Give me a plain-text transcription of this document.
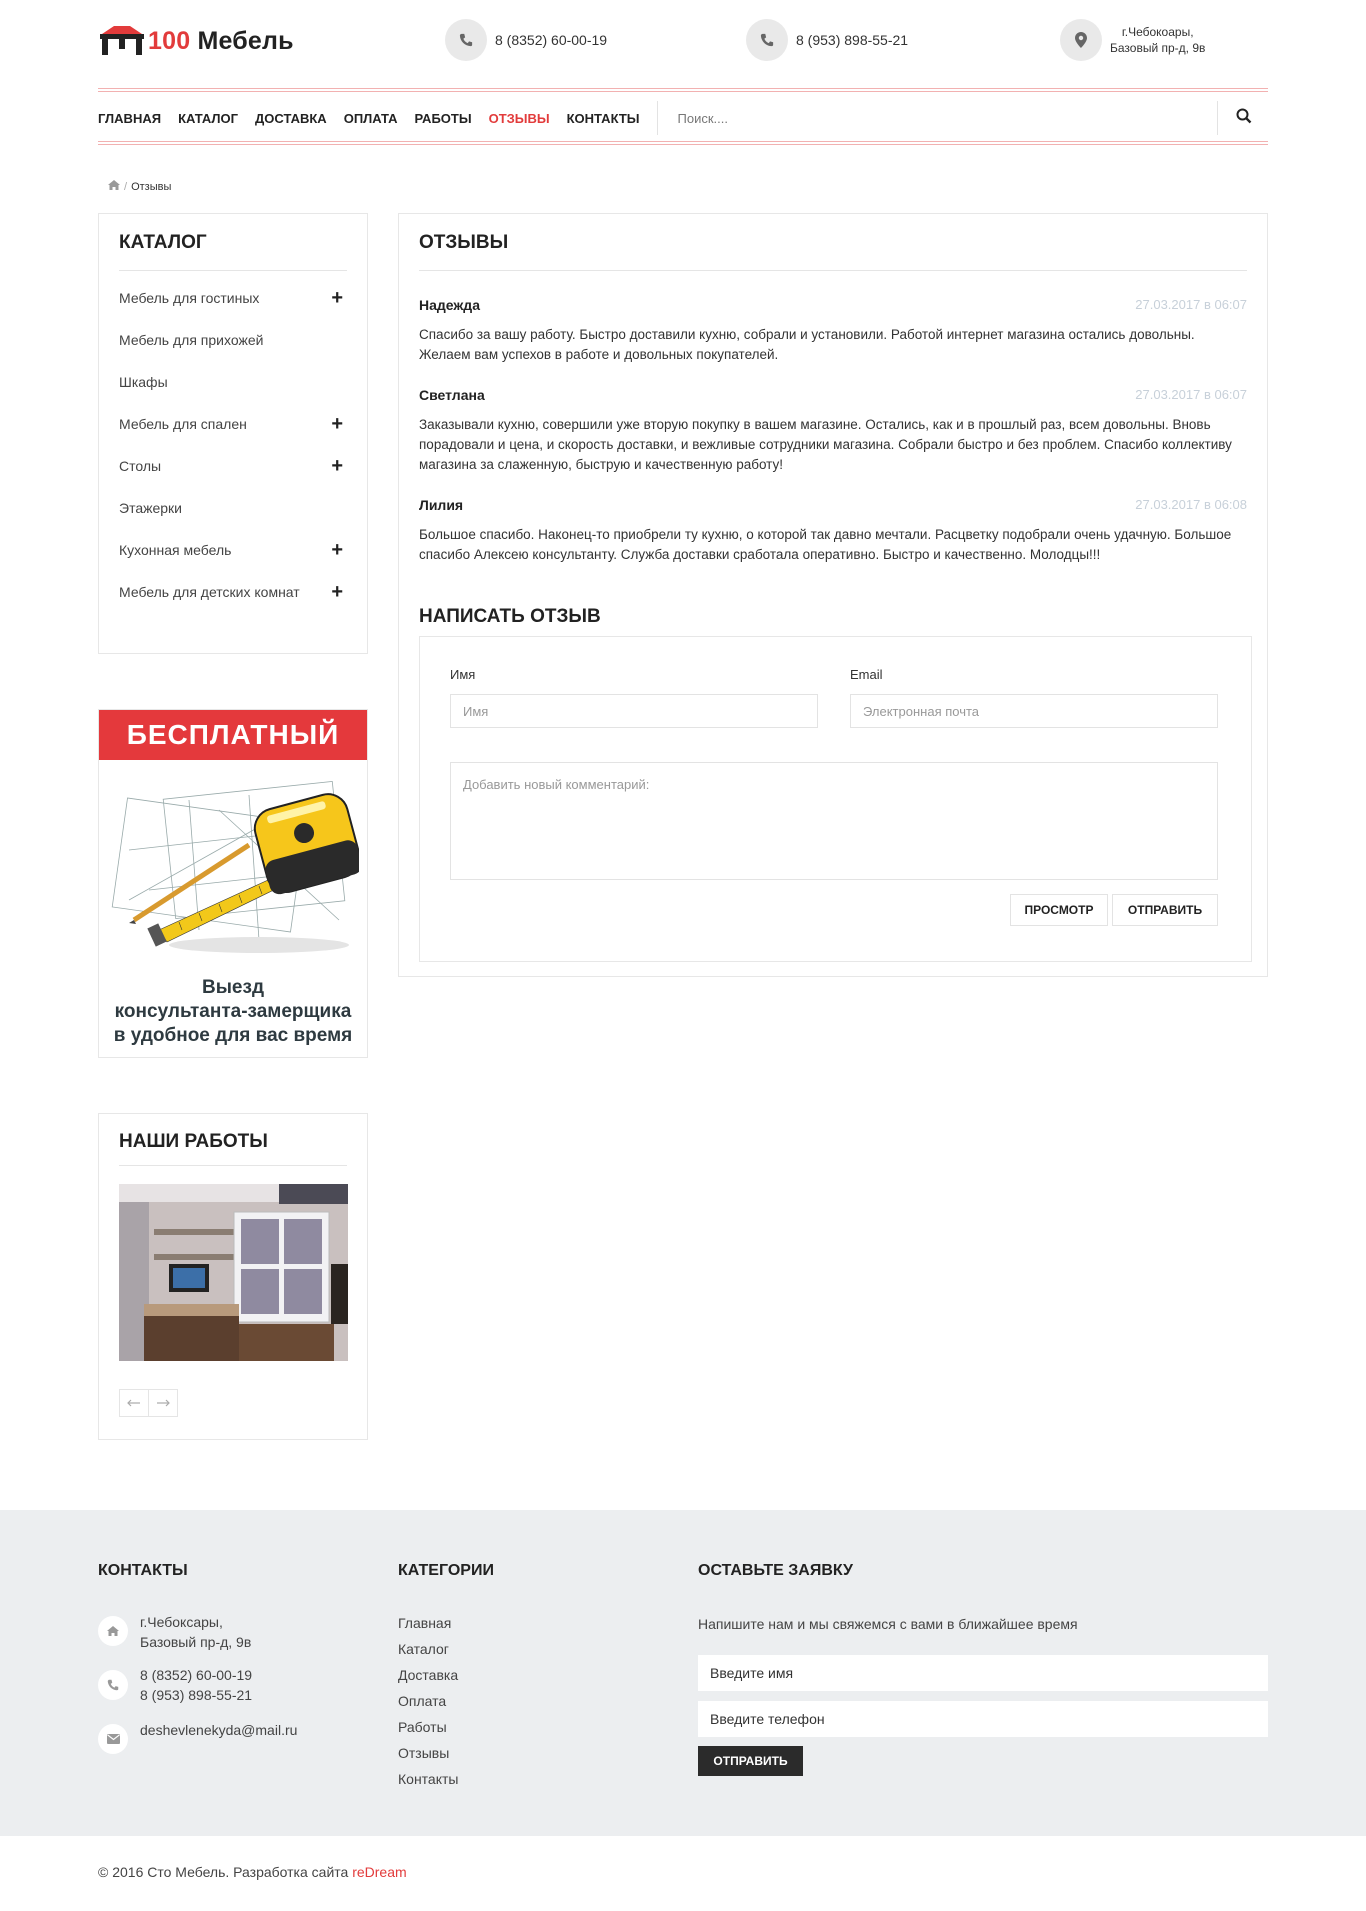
100 Мебель	8 (8352) 60-00-19	8 (953) 898-55-21	г.Чебокоары,
Базовый пр-д, 9в
ГЛАВНАЯ КАТАЛОГ ДОСТАВКА ОПЛАТА РАБОТЫ ОТЗЫВЫ КОНТАКТЫ
Поиск....
/ Отзывы
КАТАЛОГ
Мебель для гостиных	+
Мебель для прихожей
Шкафы
Мебель для спален	+
Столы	+
Этажерки
Кухонная мебель	+
Мебель для детских комнат +
БЕСПЛАТНЫЙ
Выезд
консультанта-замерщика
в удобное для вас время
НАШИ РАБОТЫ
ОТЗЫВЫ
Надежда	27.03.2017 в 06:07
Спасибо за вашу работу. Быстро доставили кухню, собрали и установили. Работой интернет магазина остались довольны. Желаем вам успехов в работе и довольных покупателей.
Светлана	27.03.2017 в 06:07
Заказывали кухню, совершили уже вторую покупку в вашем магазине. Остались, как и в прошлый раз, всем довольны. Вновь порадовали и цена, и скорость доставки, и вежливые сотрудники магазина. Собрали быстро и без проблем. Спасибо коллективу магазина за слаженную, быструю и качественную работу!
Лилия	27.03.2017 в 06:08
Большое спасибо. Наконец-то приобрели ту кухню, о которой так давно мечтали. Расцветку подобрали очень удачную. Большое спасибо Алексею консультанту. Служба доставки сработала оперативно. Быстро и качественно. Молодцы!!!
НАПИСАТЬ ОТЗЫВ
Имя
Имя	Email
Электронная почта
Добавить новый комментарий:
ПРОСМОТР	ОТПРАВИТЬ
КОНТАКТЫ
г.Чебоксары,
Базовый пр-д, 9в
8 (8352) 60-00-19
8 (953) 898-55-21
deshevlenekyda@mail.ru
КАТЕГОРИИ
Главная
Каталог
Доставка
Оплата
Работы
Отзывы
Контакты
ОСТАВЬТЕ ЗАЯВКУ
Напишите нам и мы свяжемся с вами в ближайшее время
Введите имя
Введите телефон
ОТПРАВИТЬ
© 2016 Сто Мебель. Разработка сайта reDream
